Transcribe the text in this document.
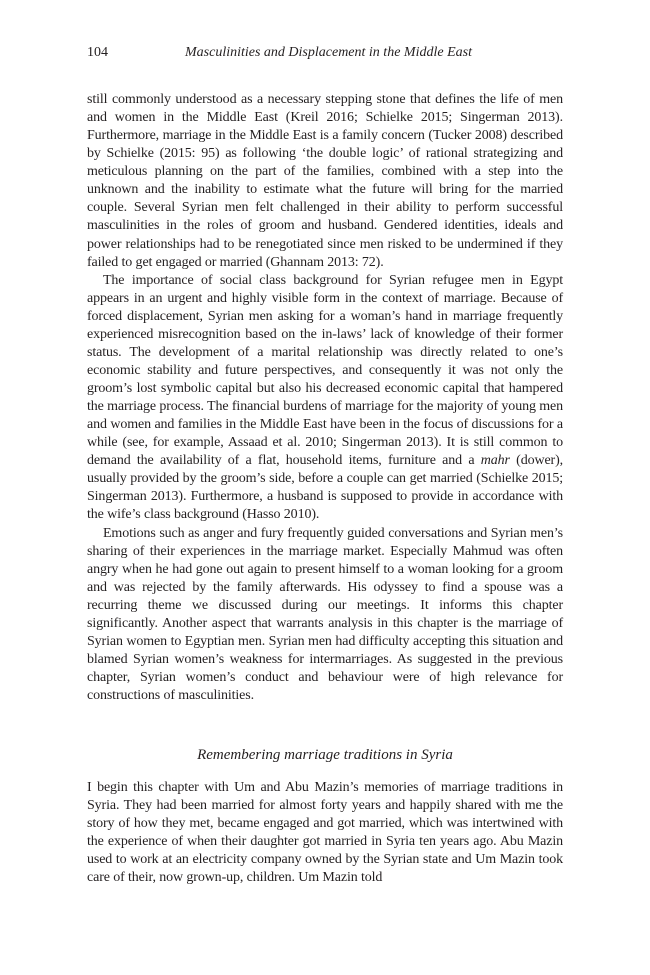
104	Masculinities and Displacement in the Middle East

still commonly understood as a necessary stepping stone that defines the life of men and women in the Middle East (Kreil 2016; Schielke 2015; Singerman 2013). Furthermore, marriage in the Middle East is a family concern (Tucker 2008) described by Schielke (2015: 95) as following ‘the double logic’ of rational strategizing and meticulous planning on the part of the families, combined with a step into the unknown and the inability to estimate what the future will bring for the married couple. Several Syrian men felt challenged in their ability to perform successful masculinities in the roles of groom and husband. Gendered identities, ideals and power relationships had to be renegotiated since men risked to be undermined if they failed to get engaged or married (Ghannam 2013: 72).

The importance of social class background for Syrian refugee men in Egypt appears in an urgent and highly visible form in the context of marriage. Because of forced displacement, Syrian men asking for a woman’s hand in marriage frequently experienced misrecognition based on the in-laws’ lack of knowledge of their former status. The development of a marital relationship was directly related to one’s economic stability and future perspectives, and consequently it was not only the groom’s lost symbolic capital but also his decreased economic capital that hampered the marriage process. The financial burdens of marriage for the majority of young men and women and families in the Middle East have been in the focus of discussions for a while (see, for example, Assaad et al. 2010; Singerman 2013). It is still common to demand the availability of a flat, household items, furniture and a mahr (dower), usually provided by the groom’s side, before a couple can get married (Schielke 2015; Singerman 2013). Furthermore, a husband is supposed to provide in accordance with the wife’s class background (Hasso 2010).

Emotions such as anger and fury frequently guided conversations and Syrian men’s sharing of their experiences in the marriage market. Especially Mahmud was often angry when he had gone out again to present himself to a woman looking for a groom and was rejected by the family afterwards. His odyssey to find a spouse was a recurring theme we discussed during our meetings. It informs this chapter significantly. Another aspect that warrants analysis in this chapter is the marriage of Syrian women to Egyptian men. Syrian men had difficulty accepting this situation and blamed Syrian women’s weakness for intermarriages. As suggested in the previous chapter, Syrian women’s conduct and behaviour were of high relevance for constructions of masculinities.

Remembering marriage traditions in Syria

I begin this chapter with Um and Abu Mazin’s memories of marriage traditions in Syria. They had been married for almost forty years and happily shared with me the story of how they met, became engaged and got married, which was intertwined with the experience of when their daughter got married in Syria ten years ago. Abu Mazin used to work at an electricity company owned by the Syrian state and Um Mazin took care of their, now grown-up, children. Um Mazin told
